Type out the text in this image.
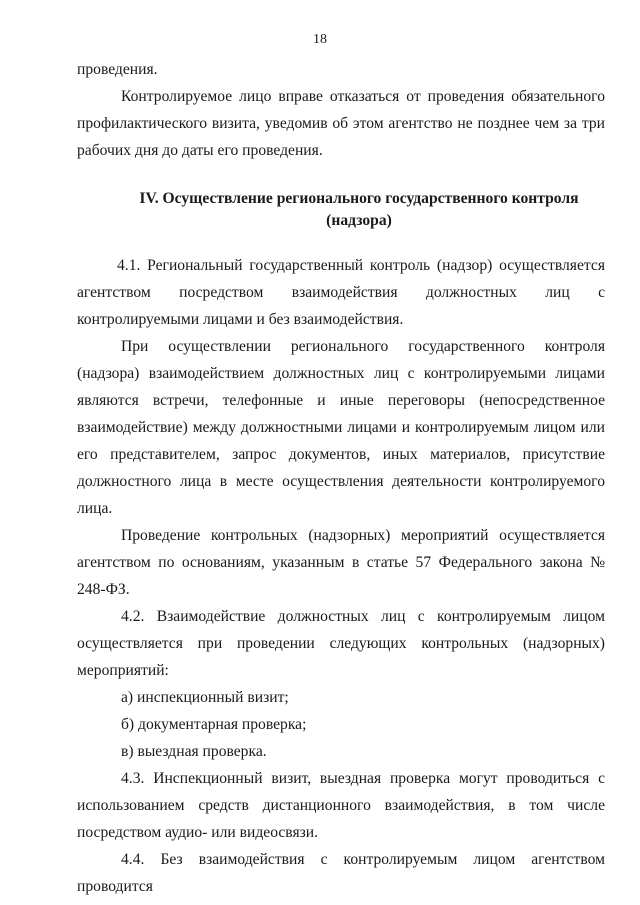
18

проведения.

Контролируемое лицо вправе отказаться от проведения обязательного профилактического визита, уведомив об этом агентство не позднее чем за три рабочих дня до даты его проведения.

IV. Осуществление регионального государственного контроля (надзора)

4.1. Региональный государственный контроль (надзор) осуществляется агентством посредством взаимодействия должностных лиц с контролируемыми лицами и без взаимодействия.

При осуществлении регионального государственного контроля (надзора) взаимодействием должностных лиц с контролируемыми лицами являются встречи, телефонные и иные переговоры (непосредственное взаимодействие) между должностными лицами и контролируемым лицом или его представителем, запрос документов, иных материалов, присутствие должностного лица в месте осуществления деятельности контролируемого лица.

Проведение контрольных (надзорных) мероприятий осуществляется агентством по основаниям, указанным в статье 57 Федерального закона № 248-ФЗ.

4.2. Взаимодействие должностных лиц с контролируемым лицом осуществляется при проведении следующих контрольных (надзорных) мероприятий:

а) инспекционный визит;

б) документарная проверка;

в) выездная проверка.

4.3. Инспекционный визит, выездная проверка могут проводиться с использованием средств дистанционного взаимодействия, в том числе посредством аудио- или видеосвязи.

4.4. Без взаимодействия с контролируемым лицом агентством проводится
